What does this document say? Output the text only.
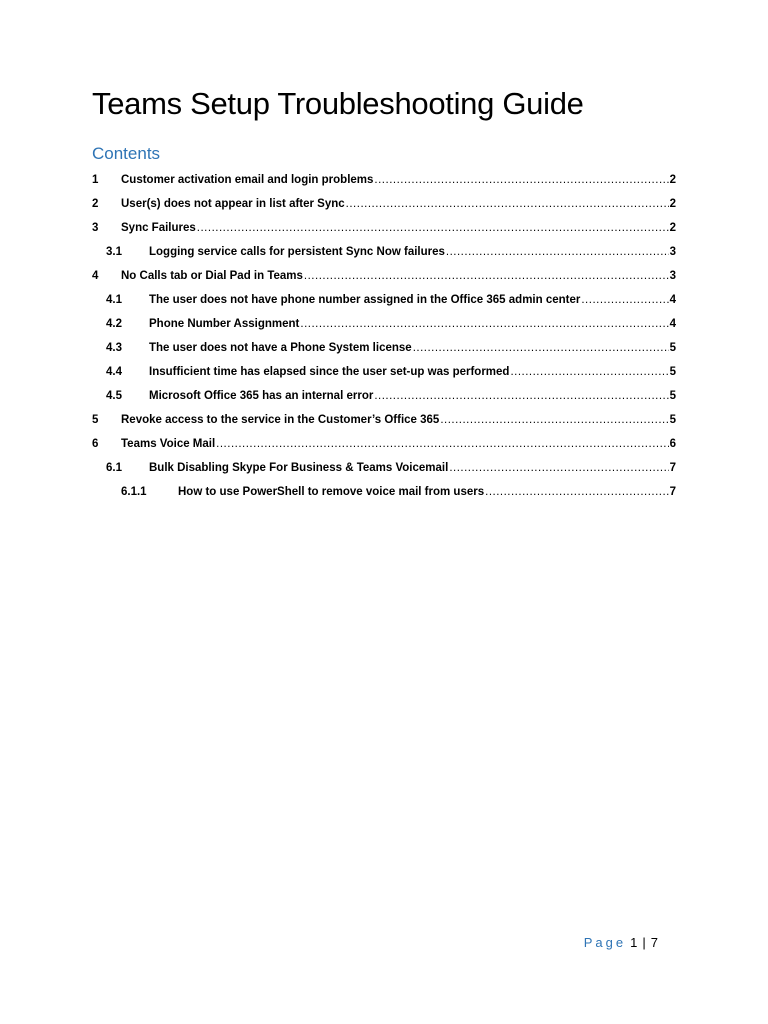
Teams Setup Troubleshooting Guide
Contents
1 Customer activation email and login problems .....	2
2 User(s) does not appear in list after Sync .....	2
3 Sync Failures .....	2
3.1 Logging service calls for persistent Sync Now failures .....	3
4 No Calls tab or Dial Pad in Teams .....	3
4.1 The user does not have phone number assigned in the Office 365 admin center .....	4
4.2 Phone Number Assignment .....	4
4.3 The user does not have a Phone System license .....	5
4.4 Insufficient time has elapsed since the user set-up was performed .....	5
4.5 Microsoft Office 365 has an internal error .....	5
5 Revoke access to the service in the Customer’s Office 365 .....	5
6 Teams Voice Mail .....	6
6.1 Bulk Disabling Skype For Business & Teams Voicemail .....	7
6.1.1	How to use PowerShell to remove voice mail from users .....	7
Page 1 | 7
